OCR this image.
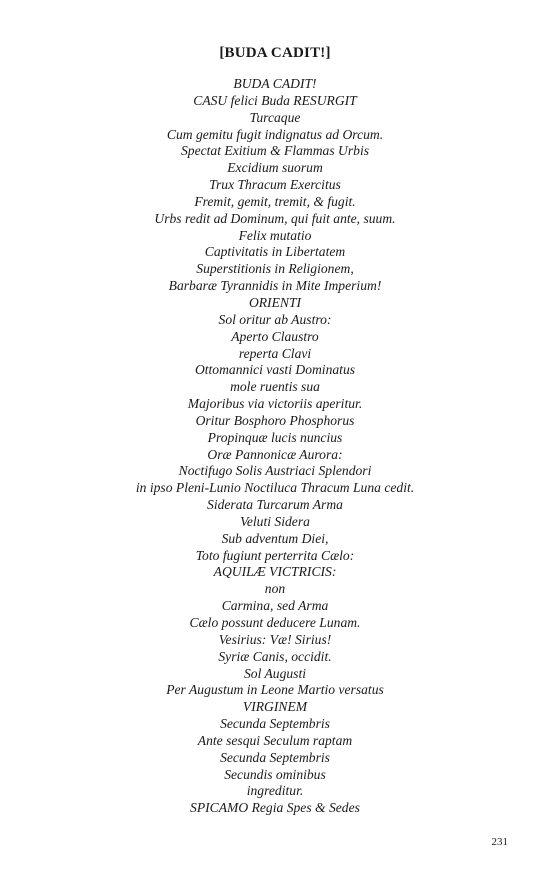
[BUDA CADIT!]
BUDA CADIT!
CASU felici Buda RESURGIT
Turcaque
Cum gemitu fugit indignatus ad Orcum.
Spectat Exitium & Flammas Urbis
Excidium suorum
Trux Thracum Exercitus
Fremit, gemit, tremit, & fugit.
Urbs redit ad Dominum, qui fuit ante, suum.
Felix mutatio
Captivitatis in Libertatem
Superstitionis in Religionem,
Barbaræ Tyrannidis in Mite Imperium!
ORIENTI
Sol oritur ab Austro:
Aperto Claustro
reperta Clavi
Ottomannici vasti Dominatus
mole ruentis sua
Majoribus via victoriis aperitur.
Oritur Bosphoro Phosphorus
Propinquæ lucis nuncius
Oræ Pannonicæ Aurora:
Noctifugo Solis Austriaci Splendori
in ipso Pleni-Lunio Noctiluca Thracum Luna cedit.
Siderata Turcarum Arma
Veluti Sidera
Sub adventum Diei,
Toto fugiunt perterrita Cælo:
AQUILÆ VICTRICIS:
non
Carmina, sed Arma
Cælo possunt deducere Lunam.
Vesirius: Væ! Sirius!
Syriæ Canis, occidit.
Sol Augusti
Per Augustum in Leone Martio versatus
VIRGINEM
Secunda Septembris
Ante sesqui Seculum raptam
Secunda Septembris
Secundis ominibus
ingreditur.
SPICAMO Regia Spes & Sedes
231
